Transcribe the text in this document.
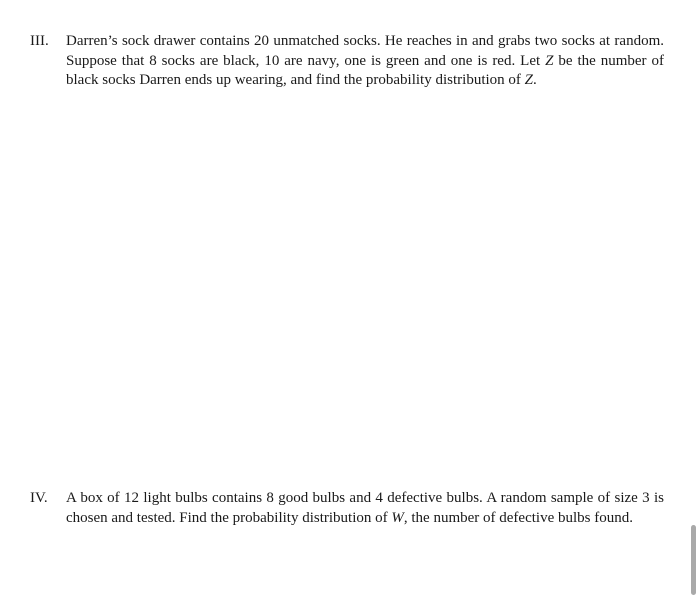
III. Darren’s sock drawer contains 20 unmatched socks. He reaches in and grabs two socks at random. Suppose that 8 socks are black, 10 are navy, one is green and one is red. Let Z be the number of black socks Darren ends up wearing, and find the probability distribution of Z.
IV. A box of 12 light bulbs contains 8 good bulbs and 4 defective bulbs. A random sample of size 3 is chosen and tested. Find the probability distribution of W, the number of defective bulbs found.
